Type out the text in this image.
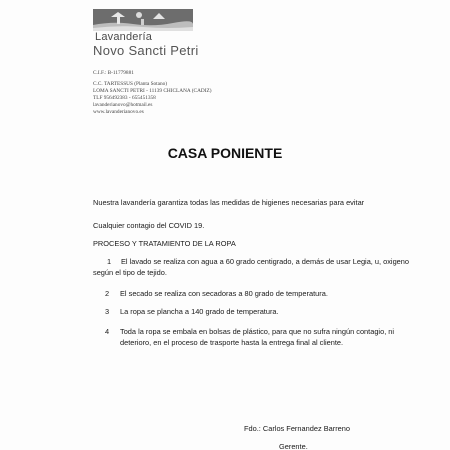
Lavandería
Novo Sancti Petri
C.I.F.: B-11779881
C.C. TARTESSUS (Planta Sotano)
LOMA SANCTI PETRI - 11139 CHICLANA (CADIZ)
TLF 956492383 - 655451358
lavanderianovo@hotmail.es
www.lavanderianovo.es
CASA PONIENTE
Nuestra lavandería garantiza todas las medidas de higienes necesarias para evitar
Cualquier contagio del COVID 19.
PROCESO Y TRATAMIENTO DE LA ROPA
1 El lavado se realiza con agua a 60 grado centigrado, a demás de usar Legia, u, oxigeno
según el tipo de tejido.
2 El secado se realiza con secadoras a 80 grado de temperatura.
3 La ropa se plancha a 140 grado de temperatura.
4 Toda la ropa se embala en bolsas de plástico, para que no sufra ningún contagio, ni
deterioro, en el proceso de trasporte hasta la entrega final al cliente.
Fdo.: Carlos Fernandez Barreno
Gerente.
